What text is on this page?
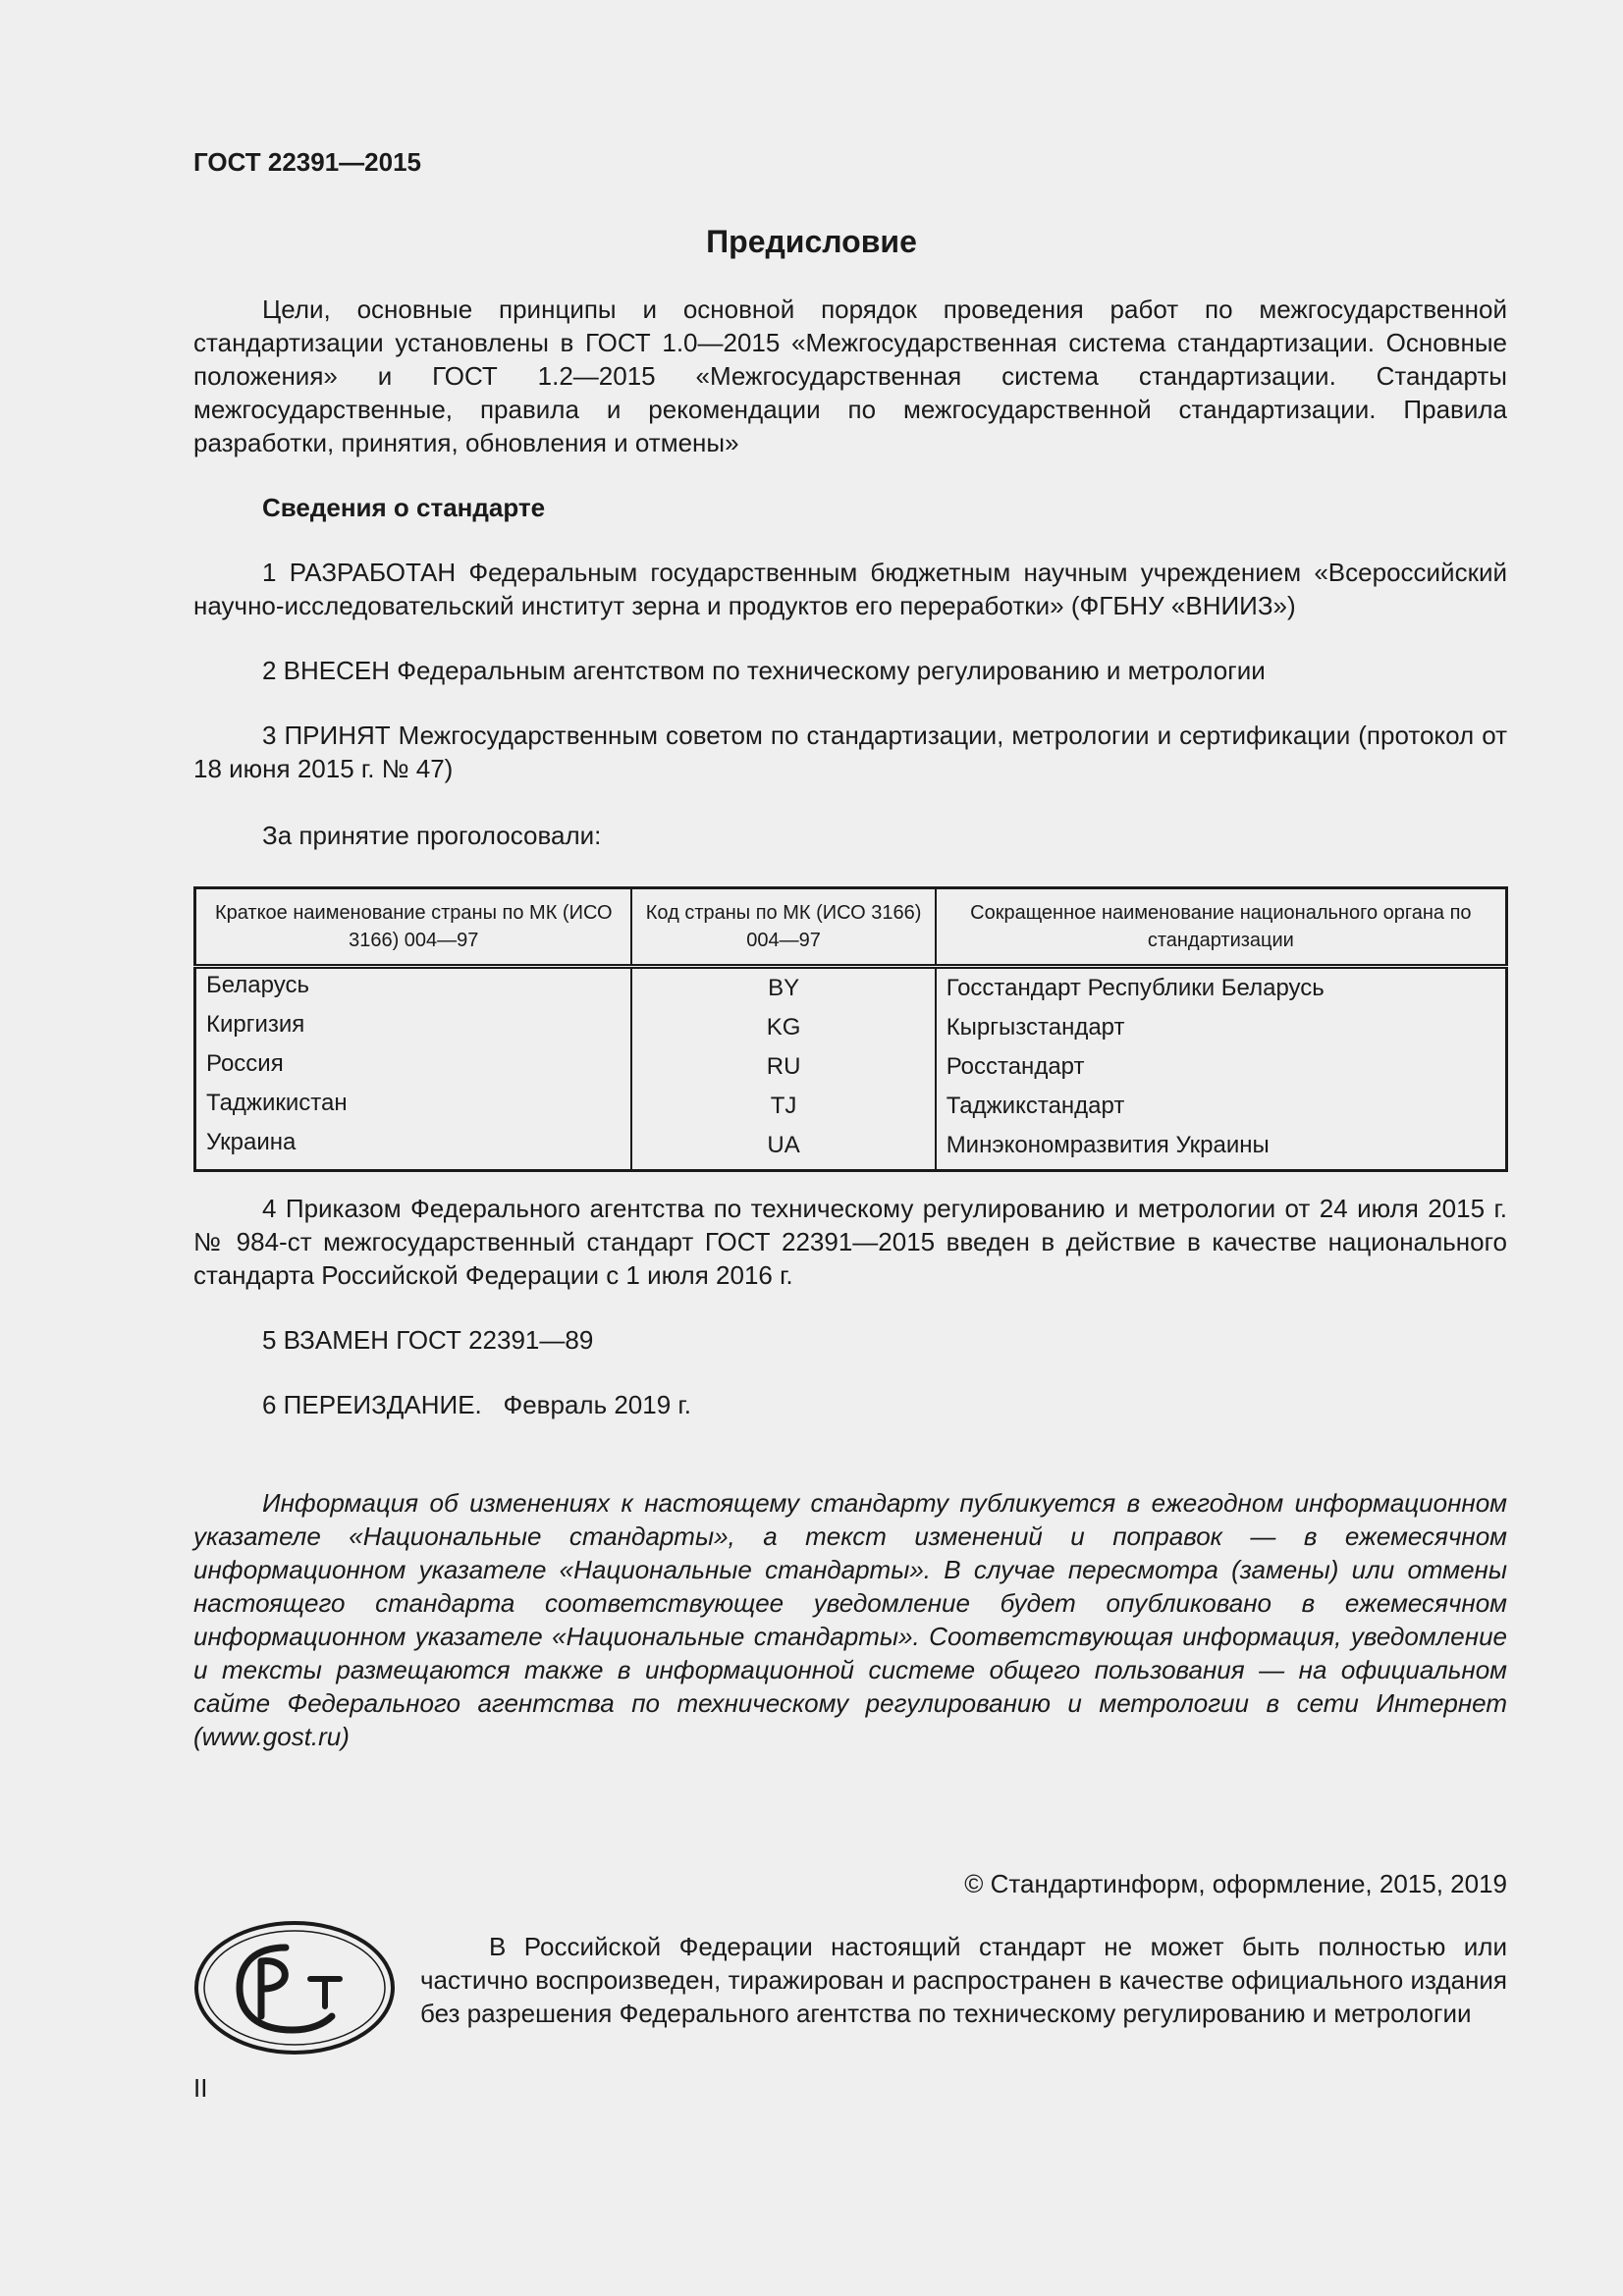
ГОСТ 22391—2015
Предисловие
Цели, основные принципы и основной порядок проведения работ по межгосударственной стандартизации установлены в ГОСТ 1.0—2015 «Межгосударственная система стандартизации. Основные положения» и ГОСТ 1.2—2015 «Межгосударственная система стандартизации. Стандарты межгосударственные, правила и рекомендации по межгосударственной стандартизации. Правила разработки, принятия, обновления и отмены»
Сведения о стандарте
1 РАЗРАБОТАН Федеральным государственным бюджетным научным учреждением «Всероссийский научно-исследовательский институт зерна и продуктов его переработки» (ФГБНУ «ВНИИЗ»)
2 ВНЕСЕН Федеральным агентством по техническому регулированию и метрологии
3 ПРИНЯТ Межгосударственным советом по стандартизации, метрологии и сертификации (протокол от 18 июня 2015 г. № 47)
За принятие проголосовали:
Краткое наименование страны по МК (ИСО 3166) 004—97	Код страны по МК (ИСО 3166) 004—97	Сокращенное наименование национального органа по стандартизации
Беларусь	BY	Госстандарт Республики Беларусь
Киргизия	KG	Кыргызстандарт
Россия	RU	Росстандарт
Таджикистан	TJ	Таджикстандарт
Украина	UA	Минэкономразвития Украины
4 Приказом Федерального агентства по техническому регулированию и метрологии от 24 июля 2015 г. № 984-ст межгосударственный стандарт ГОСТ 22391—2015 введен в действие в качестве национального стандарта Российской Федерации с 1 июля 2016 г.
5 ВЗАМЕН ГОСТ 22391—89
6 ПЕРЕИЗДАНИЕ.   Февраль 2019 г.
Информация об изменениях к настоящему стандарту публикуется в ежегодном информационном указателе «Национальные стандарты», а текст изменений и поправок — в ежемесячном информационном указателе «Национальные стандарты». В случае пересмотра (замены) или отмены настоящего стандарта соответствующее уведомление будет опубликовано в ежемесячном информационном указателе «Национальные стандарты». Соответствующая информация, уведомление и тексты размещаются также в информационной системе общего пользования — на официальном сайте Федерального агентства по техническому регулированию и метрологии в сети Интернет (www.gost.ru)
© Стандартинформ, оформление, 2015, 2019
В Российской Федерации настоящий стандарт не может быть полностью или частично воспроизведен, тиражирован и распространен в качестве официального издания без разрешения Федерального агентства по техническому регулированию и метрологии
II
